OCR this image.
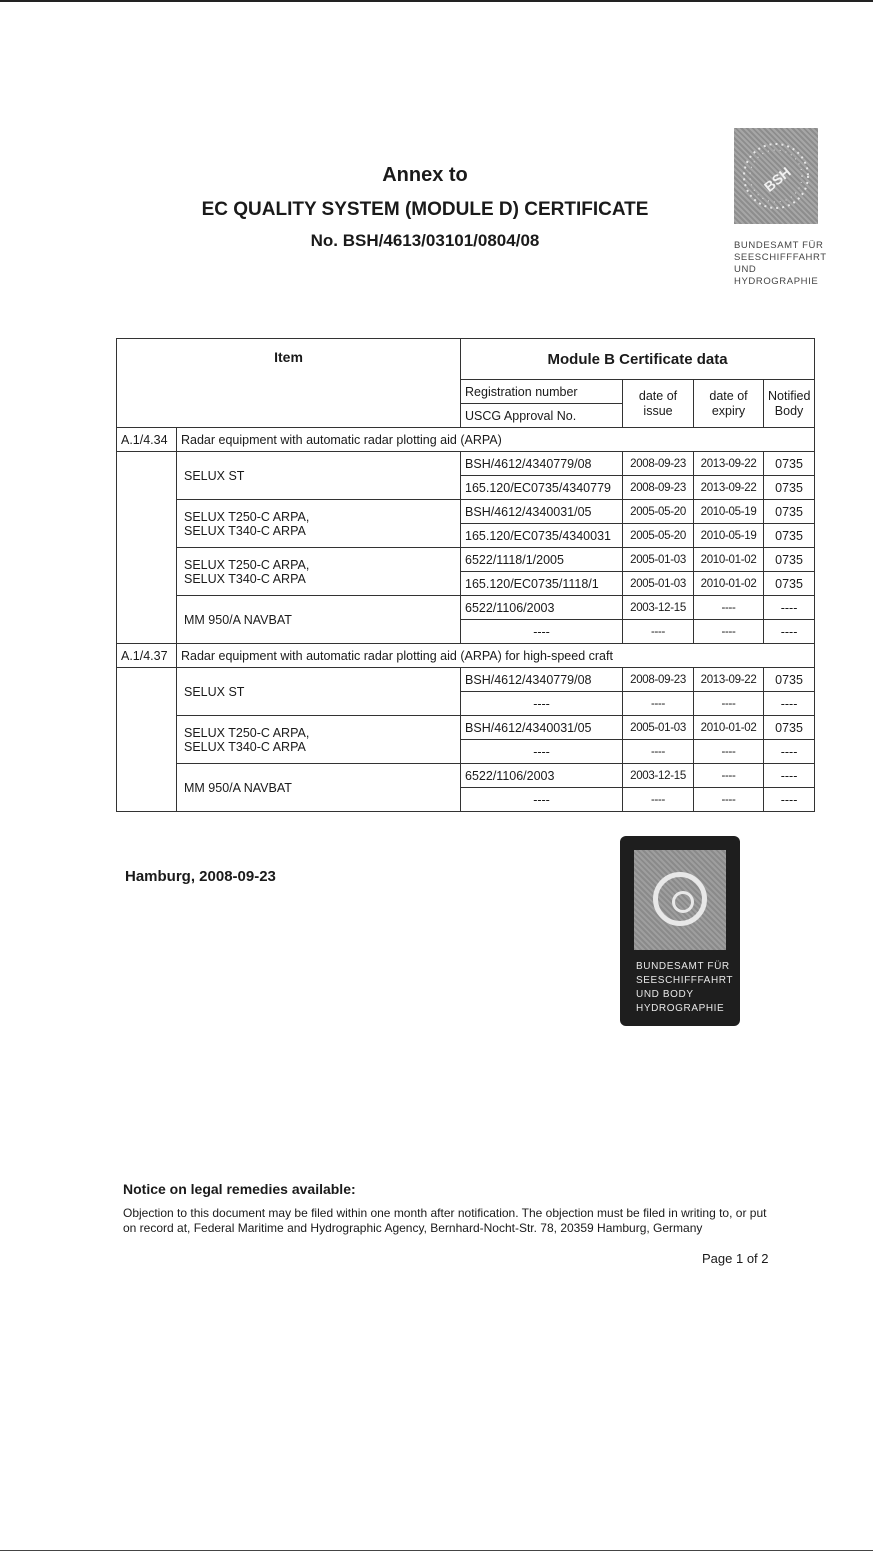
Annex to
EC QUALITY SYSTEM (MODULE D) CERTIFICATE
No. BSH/4613/03101/0804/08
BSH
BUNDESAMT FÜR
SEESCHIFFFAHRT
UND
HYDROGRAPHIE
Item		Module B Certificate data			
		Registration number	date of issue	date of expiry	Notified Body
		USCG Approval No.			
A.1/4.34	Radar equipment with automatic radar plotting aid (ARPA)				
	SELUX ST	BSH/4612/4340779/08	2008-09-23	2013-09-22	0735
		165.120/EC0735/4340779	2008-09-23	2013-09-22	0735
	SELUX T250-C ARPA,
SELUX T340-C ARPA	BSH/4612/4340031/05	2005-05-20	2010-05-19	0735
		165.120/EC0735/4340031	2005-05-20	2010-05-19	0735
	SELUX T250-C ARPA,
SELUX T340-C ARPA	6522/1118/1/2005	2005-01-03	2010-01-02	0735
		165.120/EC0735/1118/1	2005-01-03	2010-01-02	0735
	MM 950/A NAVBAT	6522/1106/2003	2003-12-15	----	----
		----	----	----	----
A.1/4.37	Radar equipment with automatic radar plotting aid (ARPA) for high-speed craft				
	SELUX ST	BSH/4612/4340779/08	2008-09-23	2013-09-22	0735
		----	----	----	----
	SELUX T250-C ARPA,
SELUX T340-C ARPA	BSH/4612/4340031/05	2005-01-03	2010-01-02	0735
		----	----	----	----
	MM 950/A NAVBAT	6522/1106/2003	2003-12-15	----	----
		----	----	----	----
Hamburg, 2008-09-23
BUNDESAMT FÜR
SEESCHIFFFAHRT
UND BODY
HYDROGRAPHIE
Notice on legal remedies available:
Objection to this document may be filed within one month after notification. The objection must be filed in writing to, or put on record at, Federal Maritime and Hydrographic Agency, Bernhard-Nocht-Str. 78, 20359 Hamburg, Germany
Page 1 of 2
